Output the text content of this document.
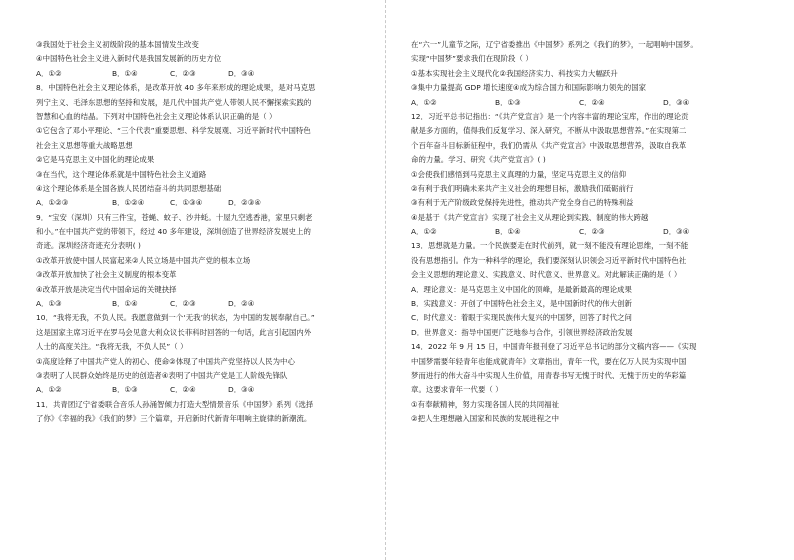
③我国处于社会主义初级阶段的基本国情发生改变
④中国特色社会主义进入新时代是我国发展新的历史方位
A．①②	B．①④	C．②③	D．③④
8．中国特色社会主义理论体系，是改革开放 40 多年来形成的理论成果，是对马克思
列宁主义、毛泽东思想的坚持和发展，是几代中国共产党人带领人民不懈探索实践的
智慧和心血的结晶。下列对中国特色社会主义理论体系认识正确的是（ ）
①它包含了邓小平理论、“三个代表”重要思想、科学发展观、习近平新时代中国特色
社会主义思想等重大战略思想
②它是马克思主义中国化的理论成果
③在当代，这个理论体系就是中国特色社会主义道路
④这个理论体系是全国各族人民团结奋斗的共同思想基础
A．①②③	B．①②④	C．①③④	D．②③④
9．“宝安（深圳）只有三件宝，苍蝇、蚊子、沙井蚝。十屋九空逃香港，家里只剩老
和小。”在中国共产党的带领下，经过 40 多年建设，深圳创造了世界经济发展史上的
奇迹。深圳经济奇迹充分表明( )
①改革开放使中国人民富起来②人民立场是中国共产党的根本立场
③改革开放加快了社会主义制度的根本变革
④改革开放是决定当代中国命运的关键抉择
A．①③	B．①④	C．②③	D．②④
10．“我将无我，不负人民。我愿意做到一个‘无我’的状态，为中国的发展奉献自己。”
这是国家主席习近平在罗马会见意大利众议长菲科时回答的一句话，此言引起国内外
人士的高度关注。“我将无我，不负人民”（ ）
①高度诠释了中国共产党人的初心、使命②体现了中国共产党坚持以人民为中心
③表明了人民群众始终是历史的创造者④表明了中国共产党是工人阶级先锋队
A．①②	B．①③	C．②④	D．③④
11．共青团辽宁省委联合音乐人孙涌智倾力打造大型情景音乐《中国梦》系列《选择
了你》《幸福的我》《我们的梦》三个篇章，开启新时代新青年唱响主旋律的新潮流。
在“六一”儿童节之际，辽宁省委推出《中国梦》系列之《我们的梦》，一起唱响中国梦。
实现“中国梦”要求我们在现阶段（ ）
①基本实现社会主义现代化②我国经济实力、科技实力大幅跃升
③集中力量提高 GDP 增长速度④成为综合国力和国际影响力领先的国家
A．①②	B．①③	C．②④	D．③④
12．习近平总书记指出：“《共产党宣言》是一个内容丰富的理论宝库，作出的理论贡
献是多方面的，值得我们反复学习、深入研究，不断从中汲取思想营养。”在实现第二
个百年奋斗目标新征程中，我们仍需从《共产党宣言》中汲取思想营养，汲取自我革
命的力量。学习、研究《共产党宣言》( )
①会使我们感悟到马克思主义真理的力量，坚定马克思主义的信仰
②有利于我们明确未来共产主义社会的理想目标，激励我们砥砺前行
③有利于无产阶级政党保持先进性，推动共产党全身自己的特殊利益
④是基于《共产党宣言》实现了社会主义从理论到实践、制度的伟大跨越
A．①②	B．①④	C．②③	D．③④
13．思想就是力量。一个民族要走在时代前列，就一刻不能没有理论思维，一刻不能
没有思想指引。作为一种科学的理论，我们要深刻认识领会习近平新时代中国特色社
会主义思想的理论意义、实践意义、时代意义、世界意义。对此解读正确的是（ ）
A．理论意义：是马克思主义中国化的顶峰，是最新最高的理论成果
B．实践意义：开创了中国特色社会主义，是中国新时代的伟大创新
C．时代意义：着眼于实现民族伟大复兴的中国梦，回答了时代之问
D．世界意义：指导中国更广泛地参与合作，引领世界经济政治发展
14．2022 年 9 月 15 日，中国青年报刊登了习近平总书记的部分文稿内容——《实现
中国梦需要年轻青年也能成就青年》文章指出，青年一代，要在亿万人民为实现中国
梦而进行的伟大奋斗中实现人生价值，用青春书写无愧于时代、无愧于历史的华彩篇
章。这要求青年一代要（ ）
①有奉献精神，努力实现各国人民的共同福祉
②把人生理想融入国家和民族的发展进程之中
